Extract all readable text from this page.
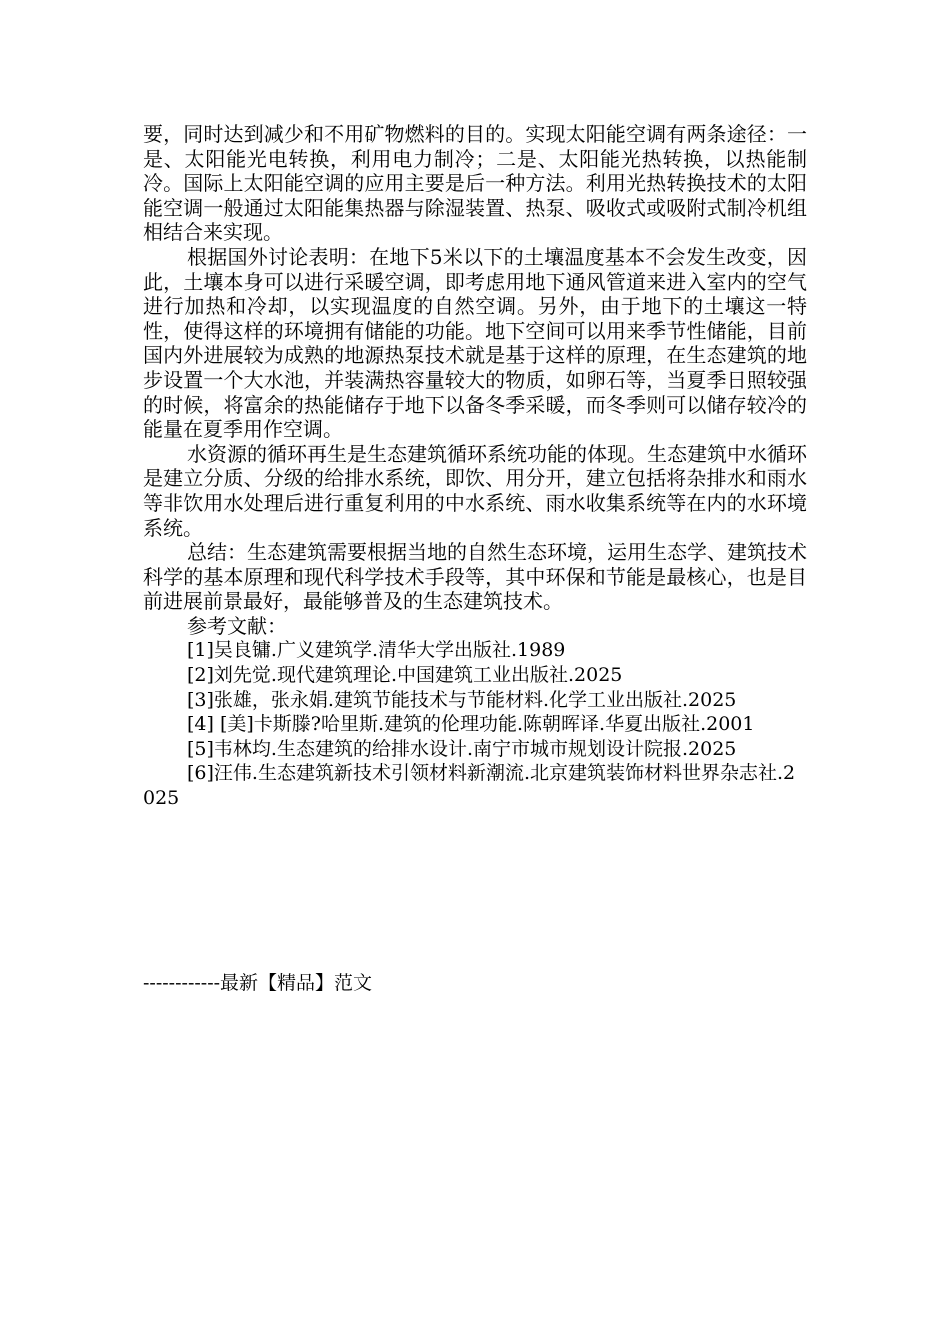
要，同时达到减少和不用矿物燃料的目的。实现太阳能空调有两条途径：一是、太阳能光电转换，利用电力制冷；二是、太阳能光热转换，以热能制冷。国际上太阳能空调的应用主要是后一种方法。利用光热转换技术的太阳能空调一般通过太阳能集热器与除湿装置、热泵、吸收式或吸附式制冷机组相结合来实现。

根据国外讨论表明：在地下5米以下的土壤温度基本不会发生改变，因此，土壤本身可以进行采暖空调，即考虑用地下通风管道来进入室内的空气进行加热和冷却，以实现温度的自然空调。另外，由于地下的土壤这一特性，使得这样的环境拥有储能的功能。地下空间可以用来季节性储能，目前国内外进展较为成熟的地源热泵技术就是基于这样的原理，在生态建筑的地步设置一个大水池，并装满热容量较大的物质，如卵石等，当夏季日照较强的时候，将富余的热能储存于地下以备冬季采暖，而冬季则可以储存较冷的能量在夏季用作空调。

水资源的循环再生是生态建筑循环系统功能的体现。生态建筑中水循环是建立分质、分级的给排水系统，即饮、用分开，建立包括将杂排水和雨水等非饮用水处理后进行重复利用的中水系统、雨水收集系统等在内的水环境系统。

总结：生态建筑需要根据当地的自然生态环境，运用生态学、建筑技术科学的基本原理和现代科学技术手段等，其中环保和节能是最核心，也是目前进展前景最好，最能够普及的生态建筑技术。

参考文献：

[1]吴良镛.广义建筑学.清华大学出版社.1989
[2]刘先觉.现代建筑理论.中国建筑工业出版社.2025
[3]张雄，张永娟.建筑节能技术与节能材料.化学工业出版社.2025
[4] [美]卡斯滕?哈里斯.建筑的伦理功能.陈朝晖译.华夏出版社.2001
[5]韦林均.生态建筑的给排水设计.南宁市城市规划设计院报.2025
[6]汪伟.生态建筑新技术引领材料新潮流.北京建筑装饰材料世界杂志社.2025
------------最新【精品】范文
